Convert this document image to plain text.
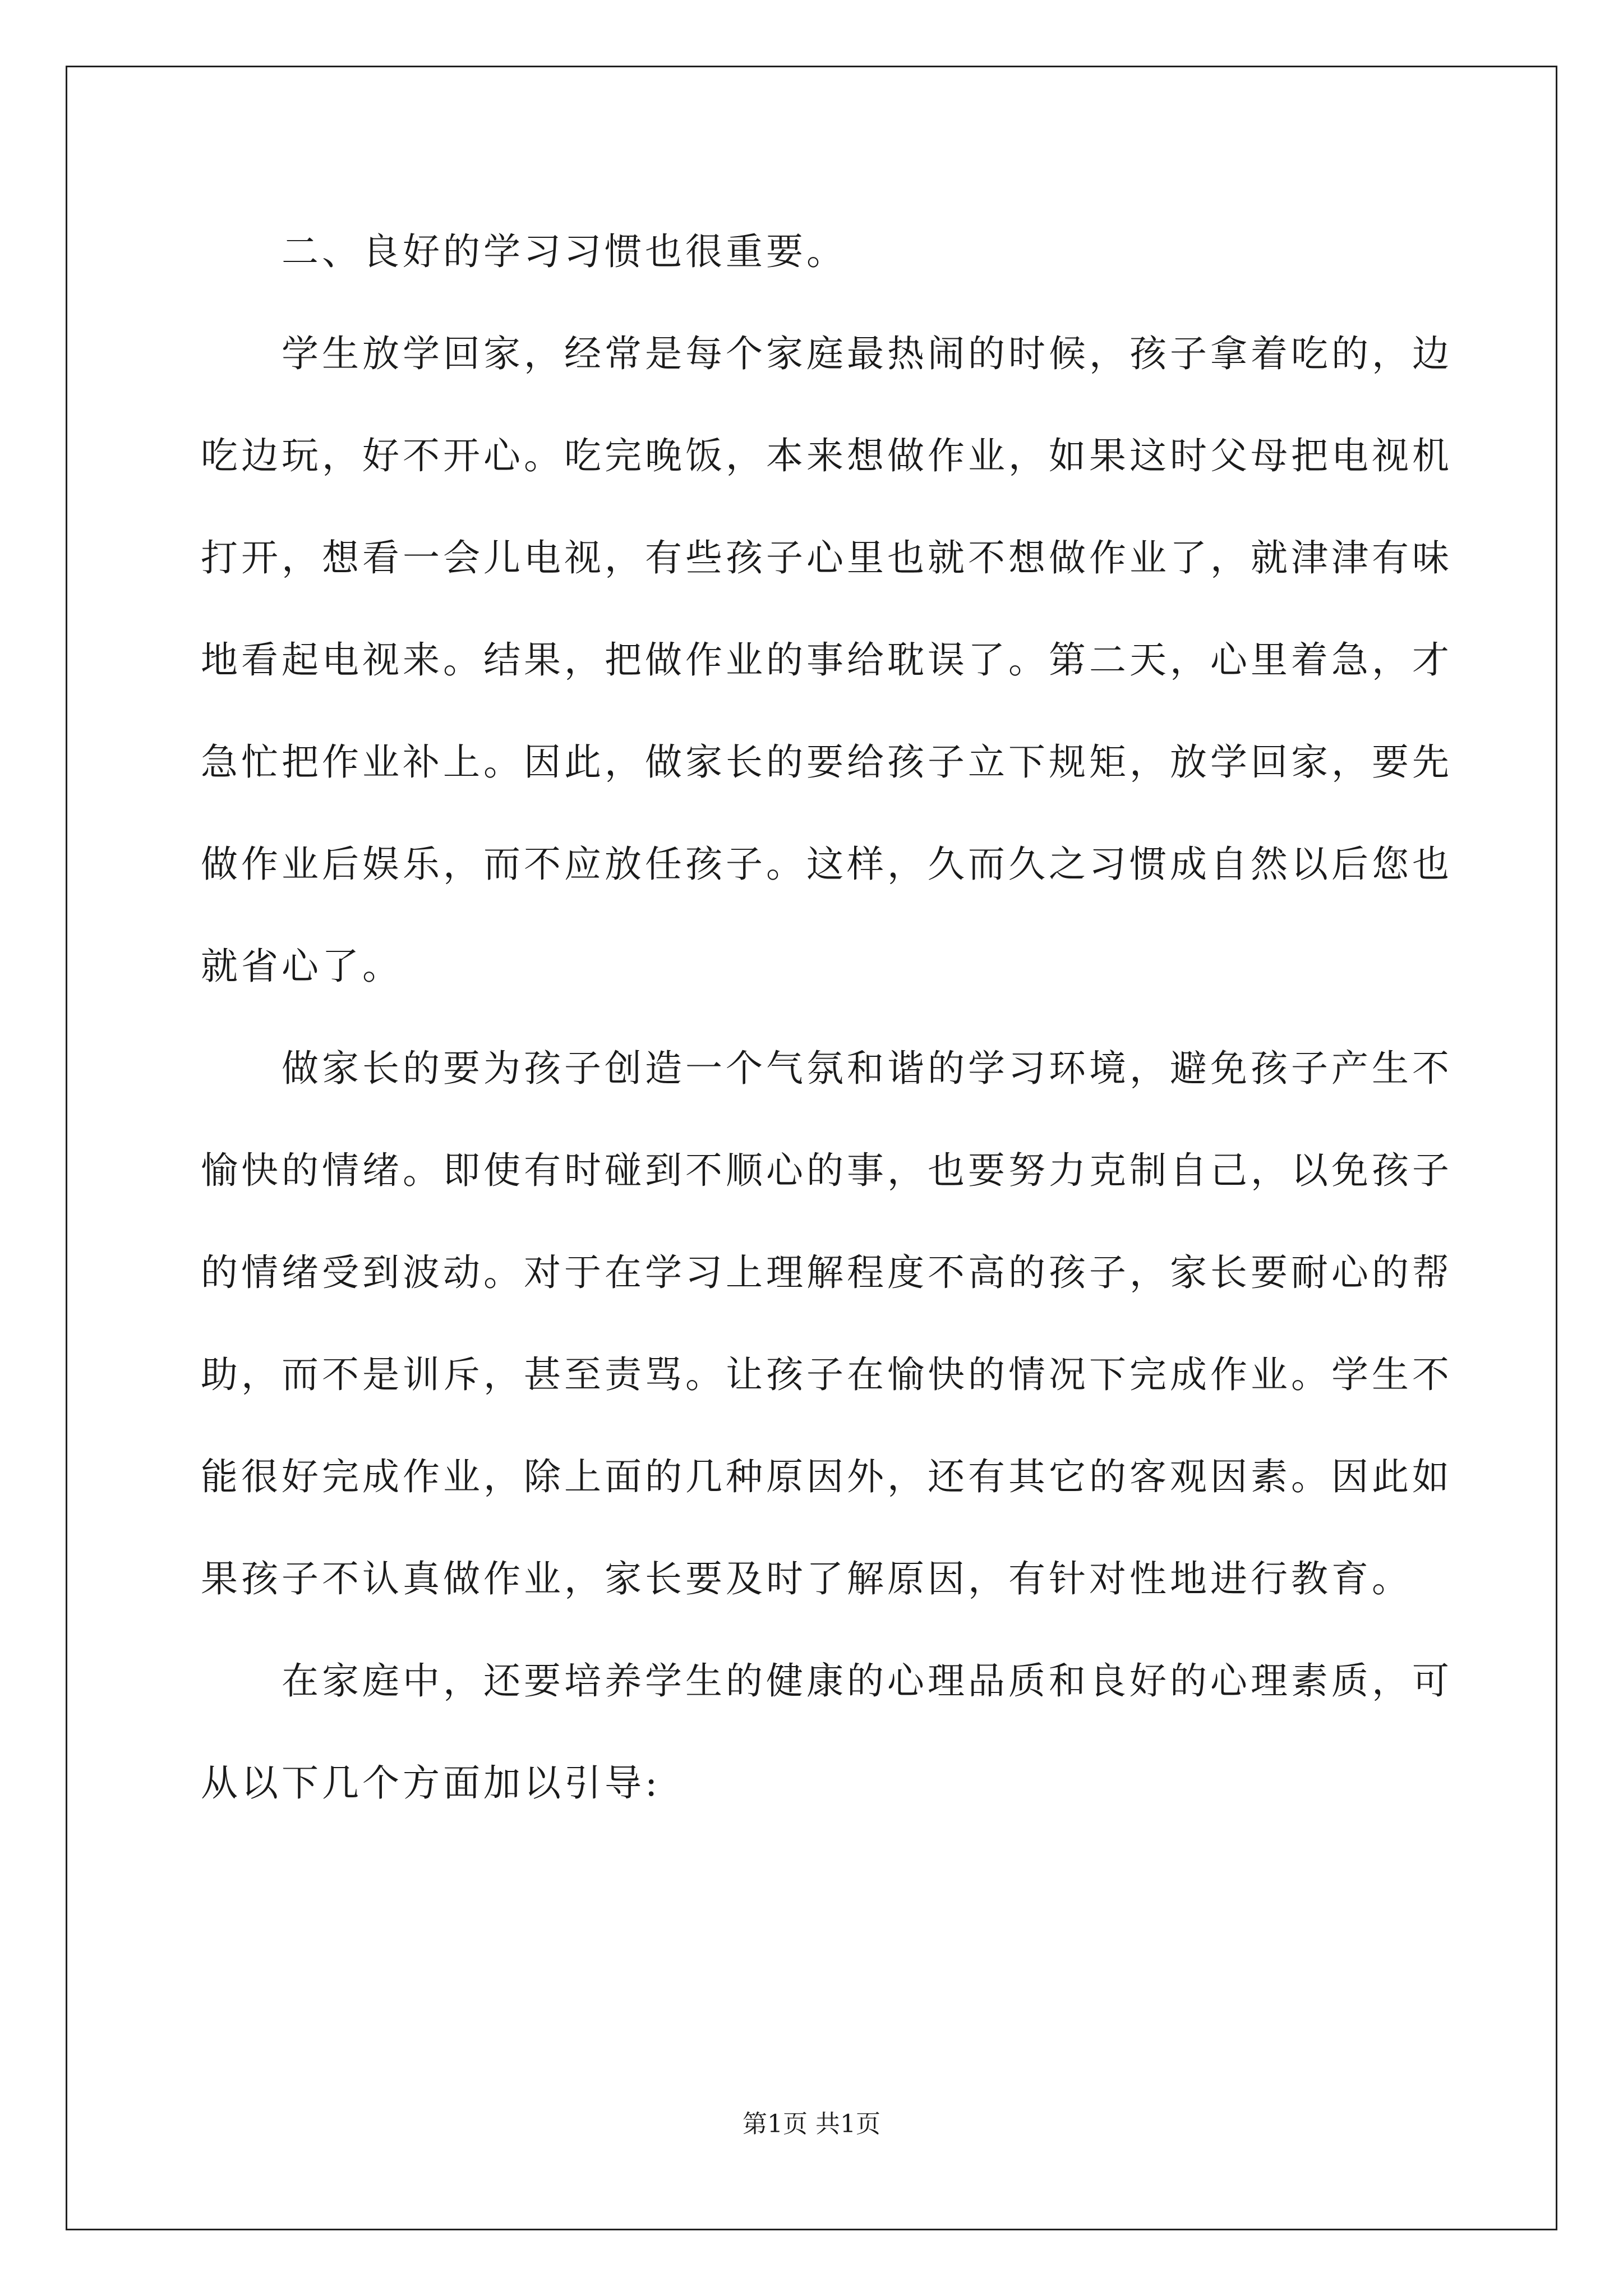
二、良好的学习习惯也很重要。

学生放学回家，经常是每个家庭最热闹的时候，孩子拿着吃的，边吃边玩，好不开心。吃完晚饭，本来想做作业，如果这时父母把电视机打开，想看一会儿电视，有些孩子心里也就不想做作业了，就津津有味地看起电视来。结果，把做作业的事给耽误了。第二天，心里着急，才急忙把作业补上。因此，做家长的要给孩子立下规矩，放学回家，要先做作业后娱乐，而不应放任孩子。这样，久而久之习惯成自然以后您也就省心了。

做家长的要为孩子创造一个气氛和谐的学习环境，避免孩子产生不愉快的情绪。即使有时碰到不顺心的事，也要努力克制自己，以免孩子的情绪受到波动。对于在学习上理解程度不高的孩子，家长要耐心的帮助，而不是训斥，甚至责骂。让孩子在愉快的情况下完成作业。学生不能很好完成作业，除上面的几种原因外，还有其它的客观因素。因此如果孩子不认真做作业，家长要及时了解原因，有针对性地进行教育。

在家庭中，还要培养学生的健康的心理品质和良好的心理素质，可从以下几个方面加以引导:

第1页 共1页
